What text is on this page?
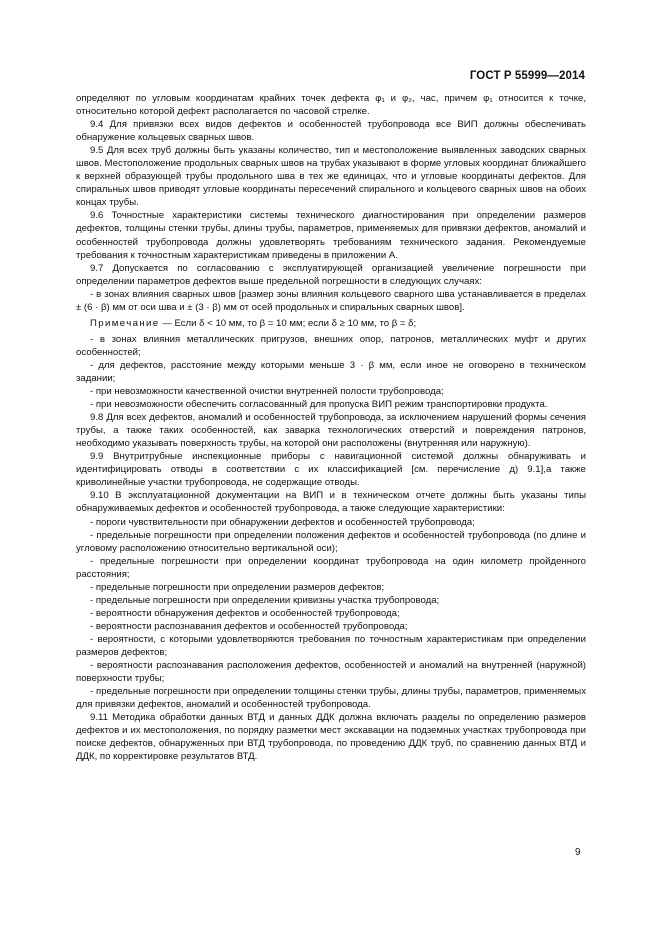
ГОСТ Р 55999—2014

определяют по угловым координатам крайних точек дефекта φ₁ и φ₂, час, причем φ₁ относится к точке, относительно которой дефект располагается по часовой стрелке.

9.4 Для привязки всех видов дефектов и особенностей трубопровода все ВИП должны обеспечивать обнаружение кольцевых сварных швов.

9.5 Для всех труб должны быть указаны количество, тип и местоположение выявленных заводских сварных швов. Местоположение продольных сварных швов на трубах указывают в форме угловых координат ближайшего к верхней образующей трубы продольного шва в тех же единицах, что и угловые координаты дефектов. Для спиральных швов приводят угловые координаты пересечений спирального и кольцевого сварных швов на обоих концах трубы.

9.6 Точностные характеристики системы технического диагностирования при определении размеров дефектов, толщины стенки трубы, длины трубы, параметров, применяемых для привязки дефектов, аномалий и особенностей трубопровода должны удовлетворять требованиям технического задания. Рекомендуемые требования к точностным характеристикам приведены в приложении А.

9.7 Допускается по согласованию с эксплуатирующей организацией увеличение погрешности при определении параметров дефектов выше предельной погрешности в следующих случаях:

- в зонах влияния сварных швов [размер зоны влияния кольцевого сварного шва устанавливается в пределах ± (6 · β) мм от оси шва и ± (3 · β) мм от осей продольных и спиральных сварных швов].

Примечание — Если δ < 10 мм, то β = 10 мм; если δ ≥ 10 мм, то β = δ;

- в зонах влияния металлических пригрузов, внешних опор, патронов, металлических муфт и других особенностей;

- для дефектов, расстояние между которыми меньше 3 · β мм, если иное не оговорено в техническом задании;

- при невозможности качественной очистки внутренней полости трубопровода;

- при невозможности обеспечить согласованный для пропуска ВИП режим транспортировки продукта.

9.8 Для всех дефектов, аномалий и особенностей трубопровода, за исключением нарушений формы сечения трубы, а также таких особенностей, как заварка технологических отверстий и повреждения патронов, необходимо указывать поверхность трубы, на которой они расположены (внутренняя или наружную).

9.9 Внутритрубные инспекционные приборы с навигационной системой должны обнаруживать и идентифицировать отводы в соответствии с их классификацией [см. перечисление д) 9.1],а также криволинейные участки трубопровода, не содержащие отводы.

9.10 В эксплуатационной документации на ВИП и в техническом отчете должны быть указаны типы обнаруживаемых дефектов и особенностей трубопровода, а также следующие характеристики:

- пороги чувствительности при обнаружении дефектов и особенностей трубопровода;

- предельные погрешности при определении положения дефектов и особенностей трубопровода (по длине и угловому расположению относительно вертикальной оси);

- предельные погрешности при определении координат трубопровода на один километр пройденного расстояния;

- предельные погрешности при определении размеров дефектов;

- предельные погрешности при определении кривизны участка трубопровода;

- вероятности обнаружения дефектов и особенностей трубопровода;

- вероятности распознавания дефектов и особенностей трубопровода;

- вероятности, с которыми удовлетворяются требования по точностным характеристикам при определении размеров дефектов;

- вероятности распознавания расположения дефектов, особенностей и аномалий на внутренней (наружной) поверхности трубы;

- предельные погрешности при определении толщины стенки трубы, длины трубы, параметров, применяемых для привязки дефектов, аномалий и особенностей трубопровода.

9.11 Методика обработки данных ВТД и данных ДДК должна включать разделы по определению размеров дефектов и их местоположения, по порядку разметки мест экскавации на подземных участках трубопровода при поиске дефектов, обнаруженных при ВТД трубопровода, по проведению ДДК труб, по сравнению данных ВТД и ДДК, по корректировке результатов ВТД.

9
